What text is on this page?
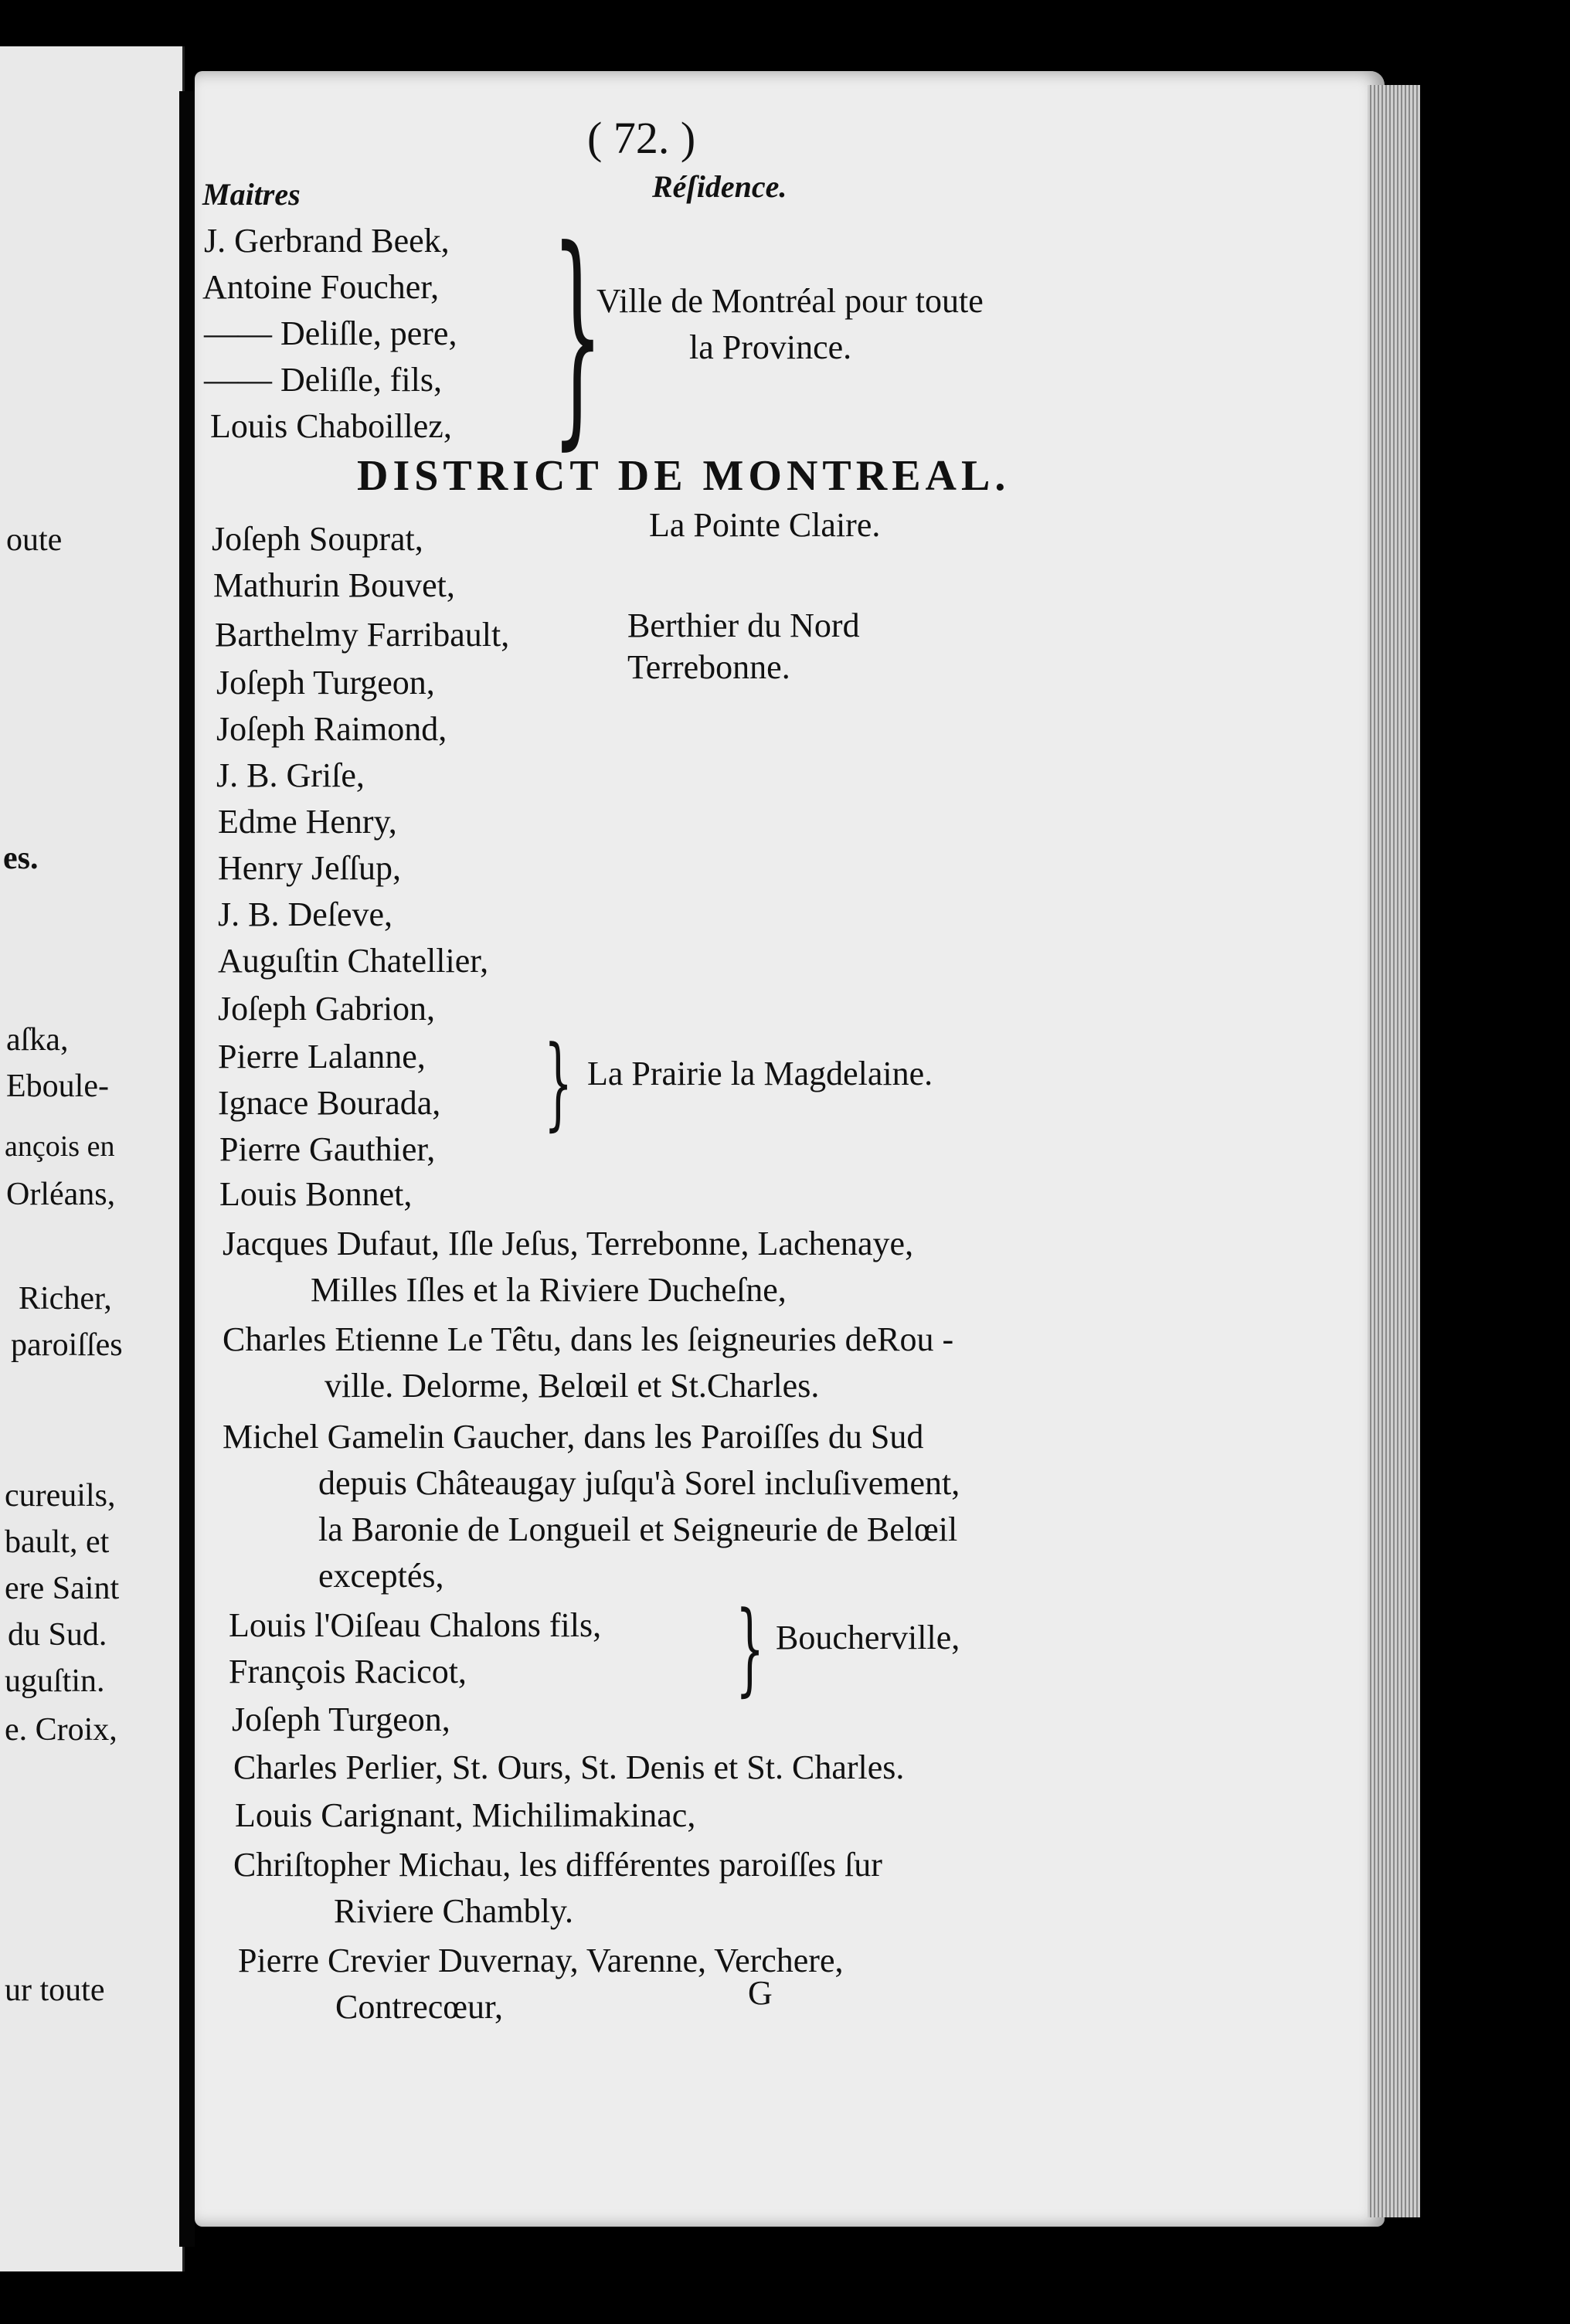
oute
es.
aſka,
Eboule-
ançois en
Orléans,
Richer,
paroiſſes
cureuils,
bault, et
ere Saint
du Sud.
uguſtin.
e. Croix,
ur toute
( 72. )
Maitres	Réſidence.
J. Gerbrand Beek,
Antoine Foucher,
—— Deliſle, pere,
—— Deliſle, fils,
Louis Chaboillez, }
Ville de Montréal pour toute
la Province.
DISTRICT DE MONTREAL.
Joſeph Souprat,	La Pointe Claire.
Mathurin Bouvet,
Barthelmy Farribault,	Berthier du Nord
Joſeph Turgeon,	Terrebonne.
Joſeph Raimond,
J. B. Griſe,
Edme Henry,
Henry Jeſſup,
J. B. Deſeve,
Auguſtin Chatellier,
Joſeph Gabrion,
Pierre Lalanne,
Ignace Bourada, } La Prairie la Magdelaine.
Pierre Gauthier,
Louis Bonnet,
Jacques Dufaut, Iſle Jeſus, Terrebonne, Lachenaye,
Milles Iſles et la Riviere Ducheſne,
Charles Etienne Le Têtu, dans les ſeigneuries deRou -
ville. Delorme, Belœil et St.Charles.
Michel Gamelin Gaucher, dans les Paroiſſes du Sud
depuis Châteaugay juſqu'à Sorel incluſivement,
la Baronie de Longueil et Seigneurie de Belœil
exceptés,
Louis l'Oiſeau Chalons fils,
François Racicot,	} Boucherville,
Joſeph Turgeon,
Charles Perlier, St. Ours, St. Denis et St. Charles.
Louis Carignant, Michilimakinac,
Chriſtopher Michau, les différentes paroiſſes ſur
Riviere Chambly.
Pierre Crevier Duvernay, Varenne, Verchere,
Contrecœur,	G
